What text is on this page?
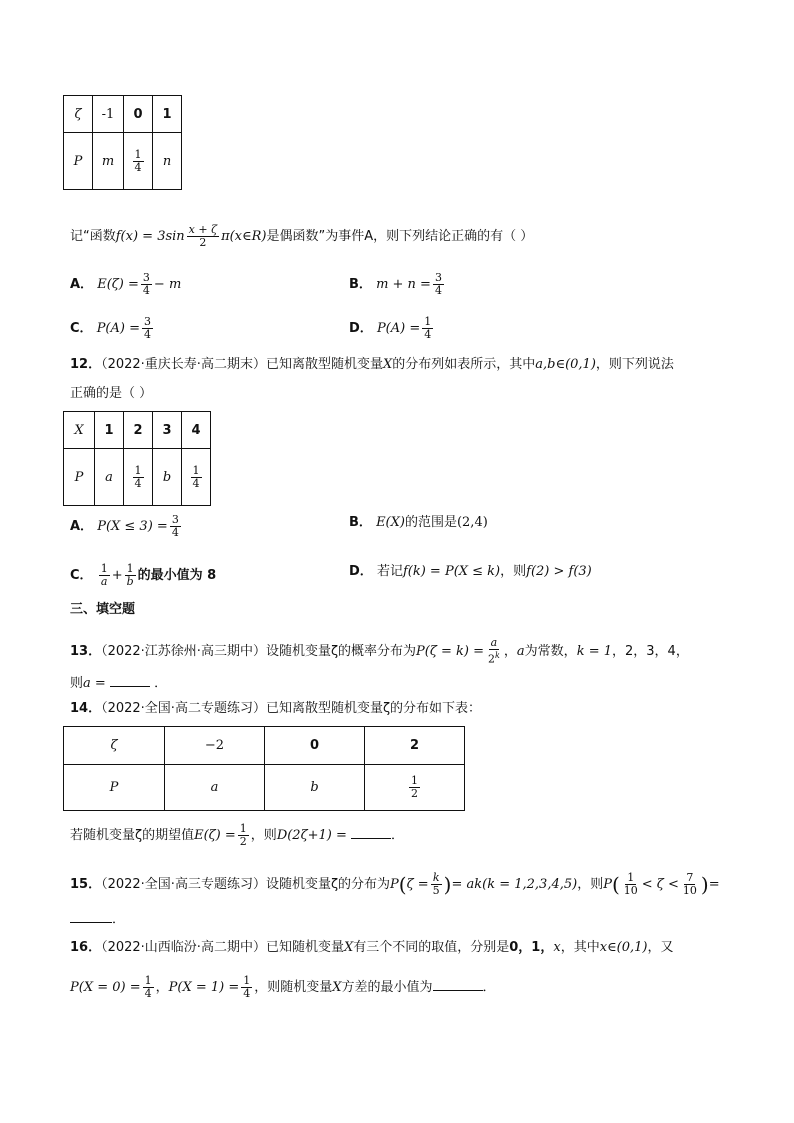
ζ	-1	0	1
P	m	$\frac{1}{4}$	n
记“函数$f(x) = 3\sin \frac{x + \zeta}{2}$ π(x∈R)是偶函数”为事件A，则下列结论正确的有（ ）
A． $E(\zeta) = \frac{3}{4} - m$	B． $m + n = \frac{3}{4}$
C． $P(A) = \frac{3}{4}$	D． $P(A) = \frac{1}{4}$
12．（2022·重庆长寿·高二期末）已知离散型随机变量X的分布列如表所示，其中a,b∈(0,1)，则下列说法
正确的是（ ）
X	1	2	3	4
P	a	$\frac{1}{4}$	b	$\frac{1}{4}$
A． $P(X \le 3) = \frac{3}{4}$	B． E(X)的范围是(2,4)
C． $\frac{1}{a} + \frac{1}{b}$ 的最小值为 8	D． 若记f(k) = P(X ≤ k)，则f(2) > f(3)
三、填空题
13．（2022·江苏徐州·高三期中）设随机变量ζ的概率分布为$P(\zeta = k) = \frac{a}{2^k}$ ，a为常数，k = 1，2，3，4，
则a =	．
14．（2022·全国·高二专题练习）已知离散型随机变量ζ的分布如下表：
ζ	−2	0	2
P	a	b	$\frac{1}{2}$
若随机变量ζ的期望值$E(\zeta) = \frac{1}{2}$ ，则D(2ζ+1) =	．
15．（2022·全国·高三专题练习）设随机变量ζ的分布为$P(\zeta = \frac{k}{5}$ )= ak(k = 1,2,3,4,5)，则$P( \frac{1}{10} < \zeta < \frac{7}{10}$ )=
．
16．（2022·山西临汾·高二期中）已知随机变量X有三个不同的取值，分别是0，1，x，其中x∈(0,1)，又
$P(X = 0) = \frac{1}{4}$ ，$P(X = 1) = \frac{1}{4}$ ，则随机变量X方差的最小值为	．
